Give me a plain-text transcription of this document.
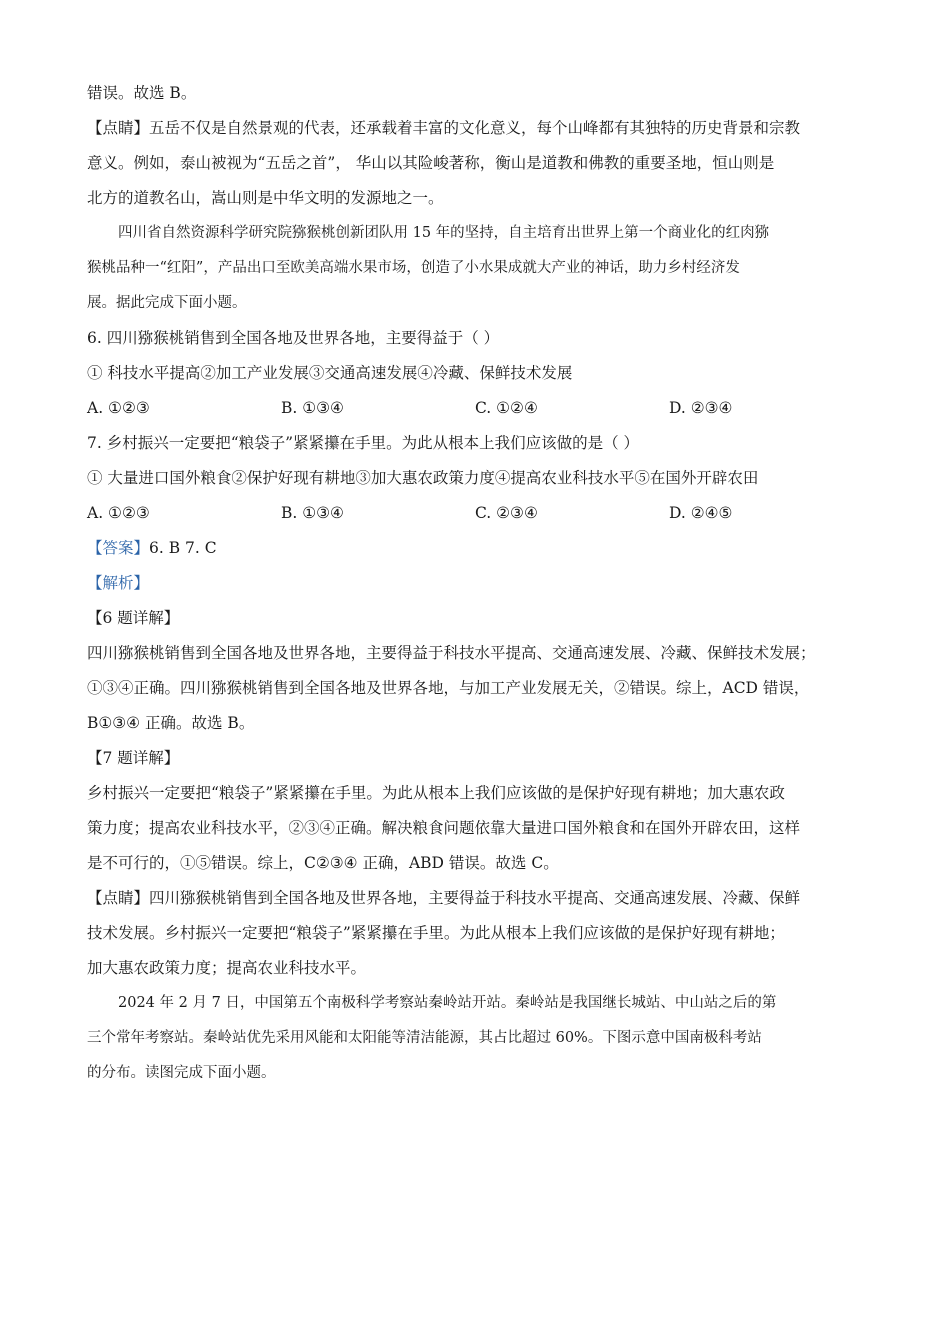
错误。故选 B。
【点睛】五岳不仅是自然景观的代表，还承载着丰富的文化意义，每个山峰都有其独特的历史背景和宗教
意义。例如，泰山被视为“五岳之首”， 华山以其险峻著称，衡山是道教和佛教的重要圣地，恒山则是
北方的道教名山，嵩山则是中华文明的发源地之一。
四川省自然资源科学研究院猕猴桃创新团队用 15 年的坚持，自主培育出世界上第一个商业化的红肉猕
猴桃品种一“红阳”，产品出口至欧美高端水果市场，创造了小水果成就大产业的神话，助力乡村经济发
展。据此完成下面小题。
6. 四川猕猴桃销售到全国各地及世界各地，主要得益于（ ）
① 科技水平提高②加工产业发展③交通高速发展④冷藏、保鲜技术发展
A. ①②③	B. ①③④	C. ①②④	D. ②③④
7. 乡村振兴一定要把“粮袋子”紧紧攥在手里。为此从根本上我们应该做的是（ ）
① 大量进口国外粮食②保护好现有耕地③加大惠农政策力度④提高农业科技水平⑤在国外开辟农田
A. ①②③	B. ①③④	C. ②③④	D. ②④⑤
【答案】6. B 7. C
【解析】
【6 题详解】
四川猕猴桃销售到全国各地及世界各地，主要得益于科技水平提高、交通高速发展、冷藏、保鲜技术发展；
①③④正确。四川猕猴桃销售到全国各地及世界各地，与加工产业发展无关，②错误。综上，ACD 错误，
B①③④ 正确。故选 B。
【7 题详解】
乡村振兴一定要把“粮袋子”紧紧攥在手里。为此从根本上我们应该做的是保护好现有耕地；加大惠农政
策力度；提高农业科技水平，②③④正确。解决粮食问题依靠大量进口国外粮食和在国外开辟农田，这样
是不可行的，①⑤错误。综上，C②③④ 正确，ABD 错误。故选 C。
【点睛】四川猕猴桃销售到全国各地及世界各地，主要得益于科技水平提高、交通高速发展、冷藏、保鲜
技术发展。乡村振兴一定要把“粮袋子”紧紧攥在手里。为此从根本上我们应该做的是保护好现有耕地；
加大惠农政策力度；提高农业科技水平。
2024 年 2 月 7 日，中国第五个南极科学考察站秦岭站开站。秦岭站是我国继长城站、中山站之后的第
三个常年考察站。秦岭站优先采用风能和太阳能等清洁能源，其占比超过 60%。下图示意中国南极科考站
的分布。读图完成下面小题。
